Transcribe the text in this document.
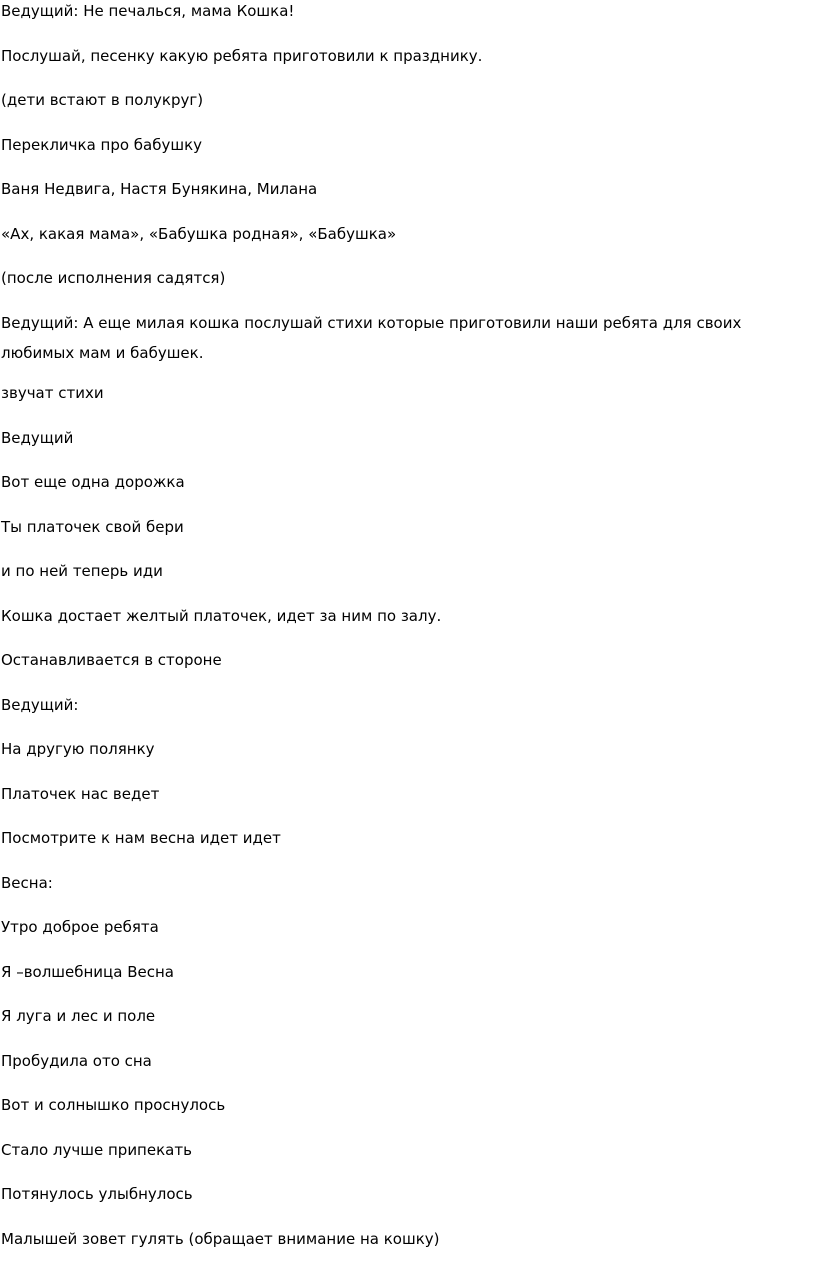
Ведущий: Не печалься, мама Кошка!

Послушай, песенку какую ребята приготовили к празднику.

(дети встают в полукруг)

Перекличка про бабушку

Ваня Недвига, Настя Бунякина, Милана

«Ах, какая мама», «Бабушка родная», «Бабушка»

(после исполнения садятся)

Ведущий: А еще милая кошка послушай стихи которые приготовили наши ребята для своих любимых мам и бабушек.

звучат стихи

Ведущий

Вот еще одна дорожка

Ты платочек свой бери

и по ней теперь иди

Кошка достает желтый платочек, идет за ним по залу.

Останавливается в стороне

Ведущий:

На другую полянку

Платочек нас ведет

Посмотрите к нам весна идет идет

Весна:

Утро доброе ребята

Я –волшебница Весна

Я луга и лес и поле

Пробудила ото сна

Вот и солнышко проснулось

Стало лучше припекать

Потянулось улыбнулось

Малышей зовет гулять (обращает внимание на кошку)
